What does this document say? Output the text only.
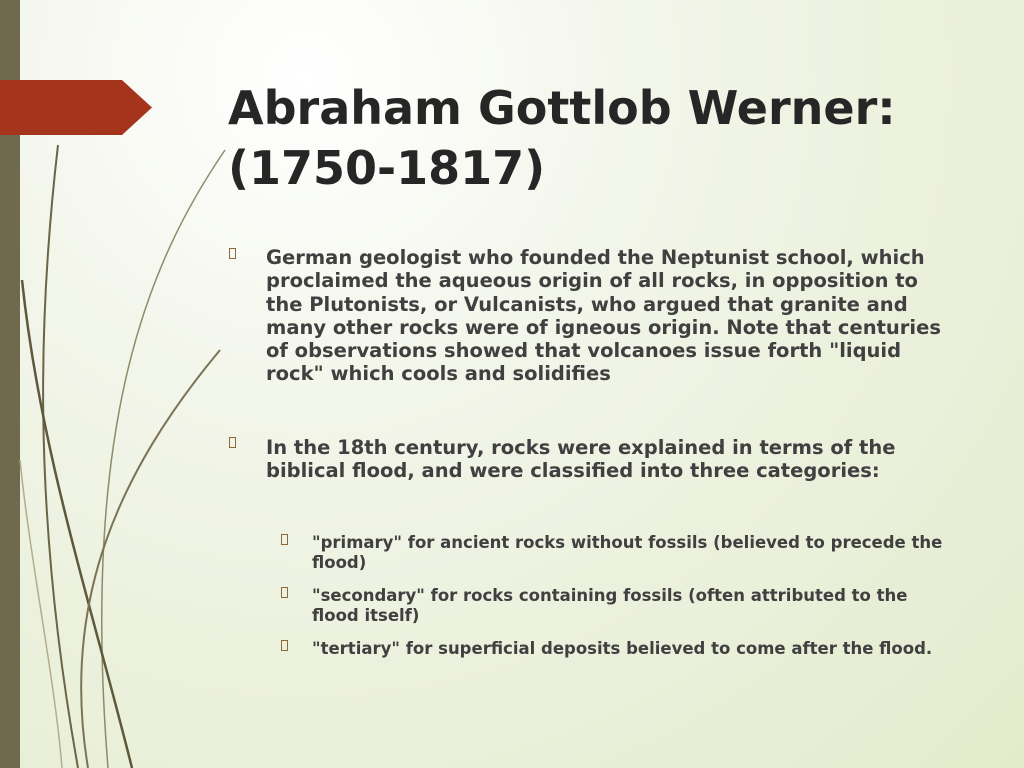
Abraham Gottlob Werner:
(1750-1817)
German geologist who founded the Neptunist school, which proclaimed the aqueous origin of all rocks, in opposition to the Plutonists, or Vulcanists, who argued that granite and many other rocks were of igneous origin. Note that centuries of observations showed that volcanoes issue forth "liquid rock" which cools and solidifies
In the 18th century, rocks were explained in terms of the biblical flood, and were classified into three categories:
"primary" for ancient rocks without fossils (believed to precede the flood)
"secondary" for rocks containing fossils (often attributed to the flood itself)
"tertiary" for superficial deposits believed to come after the flood.
